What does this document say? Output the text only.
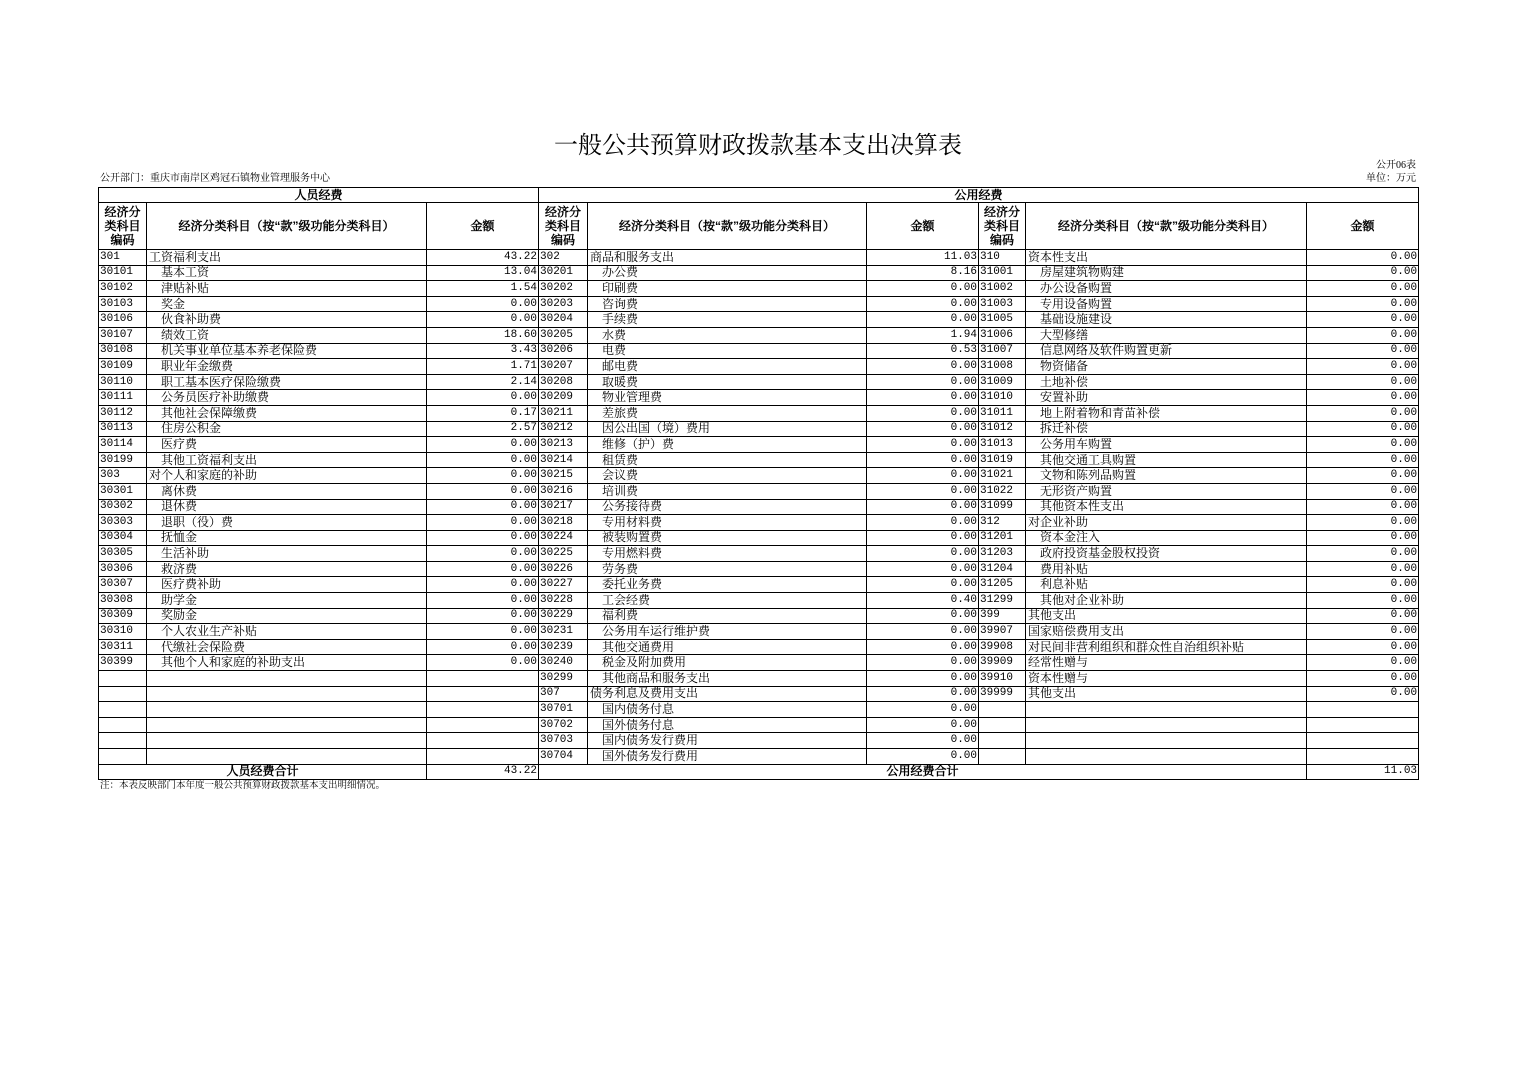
一般公共预算财政拨款基本支出决算表
公开06表
公开部门：重庆市南岸区鸡冠石镇物业管理服务中心	单位：万元
人员经费			公用经费					

经济分
类科目
编码	经济分类科目（按“款”级功能分类科目）	金额	经济分
类科目
编码	经济分类科目（按“款”级功能分类科目）	金额	经济分
类科目
编码	经济分类科目（按“款”级功能分类科目）	金额
301	工资福利支出	43.22	302	商品和服务支出	11.03	310	资本性支出	0.00
30101	基本工资	13.04	30201	办公费	8.16	31001	房屋建筑物购建	0.00
30102	津贴补贴	1.54	30202	印刷费	0.00	31002	办公设备购置	0.00
30103	奖金	0.00	30203	咨询费	0.00	31003	专用设备购置	0.00
30106	伙食补助费	0.00	30204	手续费	0.00	31005	基础设施建设	0.00
30107	绩效工资	18.60	30205	水费	1.94	31006	大型修缮	0.00
30108	机关事业单位基本养老保险费	3.43	30206	电费	0.53	31007	信息网络及软件购置更新	0.00
30109	职业年金缴费	1.71	30207	邮电费	0.00	31008	物资储备	0.00
30110	职工基本医疗保险缴费	2.14	30208	取暖费	0.00	31009	土地补偿	0.00
30111	公务员医疗补助缴费	0.00	30209	物业管理费	0.00	31010	安置补助	0.00
30112	其他社会保障缴费	0.17	30211	差旅费	0.00	31011	地上附着物和青苗补偿	0.00
30113	住房公积金	2.57	30212	因公出国（境）费用	0.00	31012	拆迁补偿	0.00
30114	医疗费	0.00	30213	维修（护）费	0.00	31013	公务用车购置	0.00
30199	其他工资福利支出	0.00	30214	租赁费	0.00	31019	其他交通工具购置	0.00
303	对个人和家庭的补助	0.00	30215	会议费	0.00	31021	文物和陈列品购置	0.00
30301	离休费	0.00	30216	培训费	0.00	31022	无形资产购置	0.00
30302	退休费	0.00	30217	公务接待费	0.00	31099	其他资本性支出	0.00
30303	退职（役）费	0.00	30218	专用材料费	0.00	312	对企业补助	0.00
30304	抚恤金	0.00	30224	被装购置费	0.00	31201	资本金注入	0.00
30305	生活补助	0.00	30225	专用燃料费	0.00	31203	政府投资基金股权投资	0.00
30306	救济费	0.00	30226	劳务费	0.00	31204	费用补贴	0.00
30307	医疗费补助	0.00	30227	委托业务费	0.00	31205	利息补贴	0.00
30308	助学金	0.00	30228	工会经费	0.40	31299	其他对企业补助	0.00
30309	奖励金	0.00	30229	福利费	0.00	399	其他支出	0.00
30310	个人农业生产补贴	0.00	30231	公务用车运行维护费	0.00	39907	国家赔偿费用支出	0.00
30311	代缴社会保险费	0.00	30239	其他交通费用	0.00	39908	对民间非营利组织和群众性自治组织补贴	0.00
30399	其他个人和家庭的补助支出	0.00	30240	税金及附加费用	0.00	39909	经常性赠与	0.00
			30299	其他商品和服务支出	0.00	39910	资本性赠与	0.00
			307	债务利息及费用支出	0.00	39999	其他支出	0.00
			30701	国内债务付息	0.00			
			30702	国外债务付息	0.00			
			30703	国内债务发行费用	0.00			
			30704	国外债务发行费用	0.00			
人员经费合计		43.22	公用经费合计					11.03
注：本表反映部门本年度一般公共预算财政拨款基本支出明细情况。
